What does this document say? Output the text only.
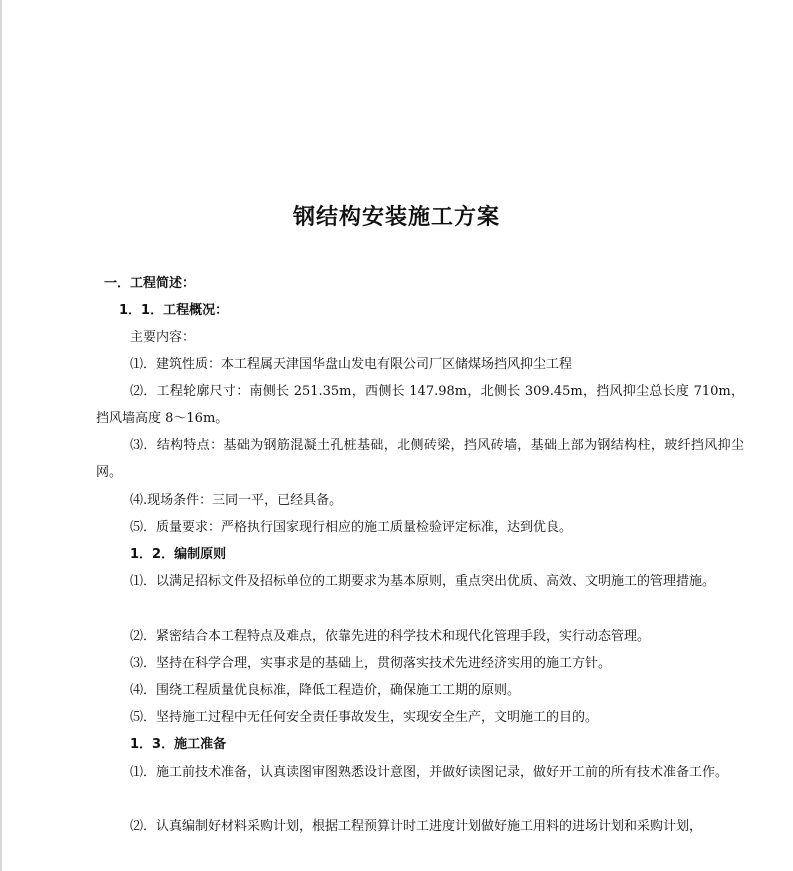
钢结构安装施工方案
一．工程简述：
1．1．工程概况：
主要内容：
⑴．建筑性质：本工程属天津国华盘山发电有限公司厂区储煤场挡风抑尘工程
⑵．工程轮廓尺寸：南侧长 251.35m，西侧长 147.98m，北侧长 309.45m，挡风抑尘总长度 710m，挡风墙高度 8～16m。
⑶．结构特点：基础为钢筋混凝土孔桩基础，北侧砖梁，挡风砖墙，基础上部为钢结构柱，玻纤挡风抑尘网。
⑷.现场条件：三同一平，已经具备。
⑸．质量要求：严格执行国家现行相应的施工质量检验评定标准，达到优良。
1．2．编制原则
⑴．以满足招标文件及招标单位的工期要求为基本原则，重点突出优质、高效、文明施工的管理措施。
⑵．紧密结合本工程特点及难点，依靠先进的科学技术和现代化管理手段，实行动态管理。
⑶．坚持在科学合理，实事求是的基础上，贯彻落实技术先进经济实用的施工方针。
⑷．围绕工程质量优良标准，降低工程造价，确保施工工期的原则。
⑸．坚持施工过程中无任何安全责任事故发生，实现安全生产，文明施工的目的。
1．3．施工准备
⑴．施工前技术准备，认真读图审图熟悉设计意图，并做好读图记录，做好开工前的所有技术准备工作。
⑵．认真编制好材料采购计划，根据工程预算计时工进度计划做好施工用料的进场计划和采购计划，
